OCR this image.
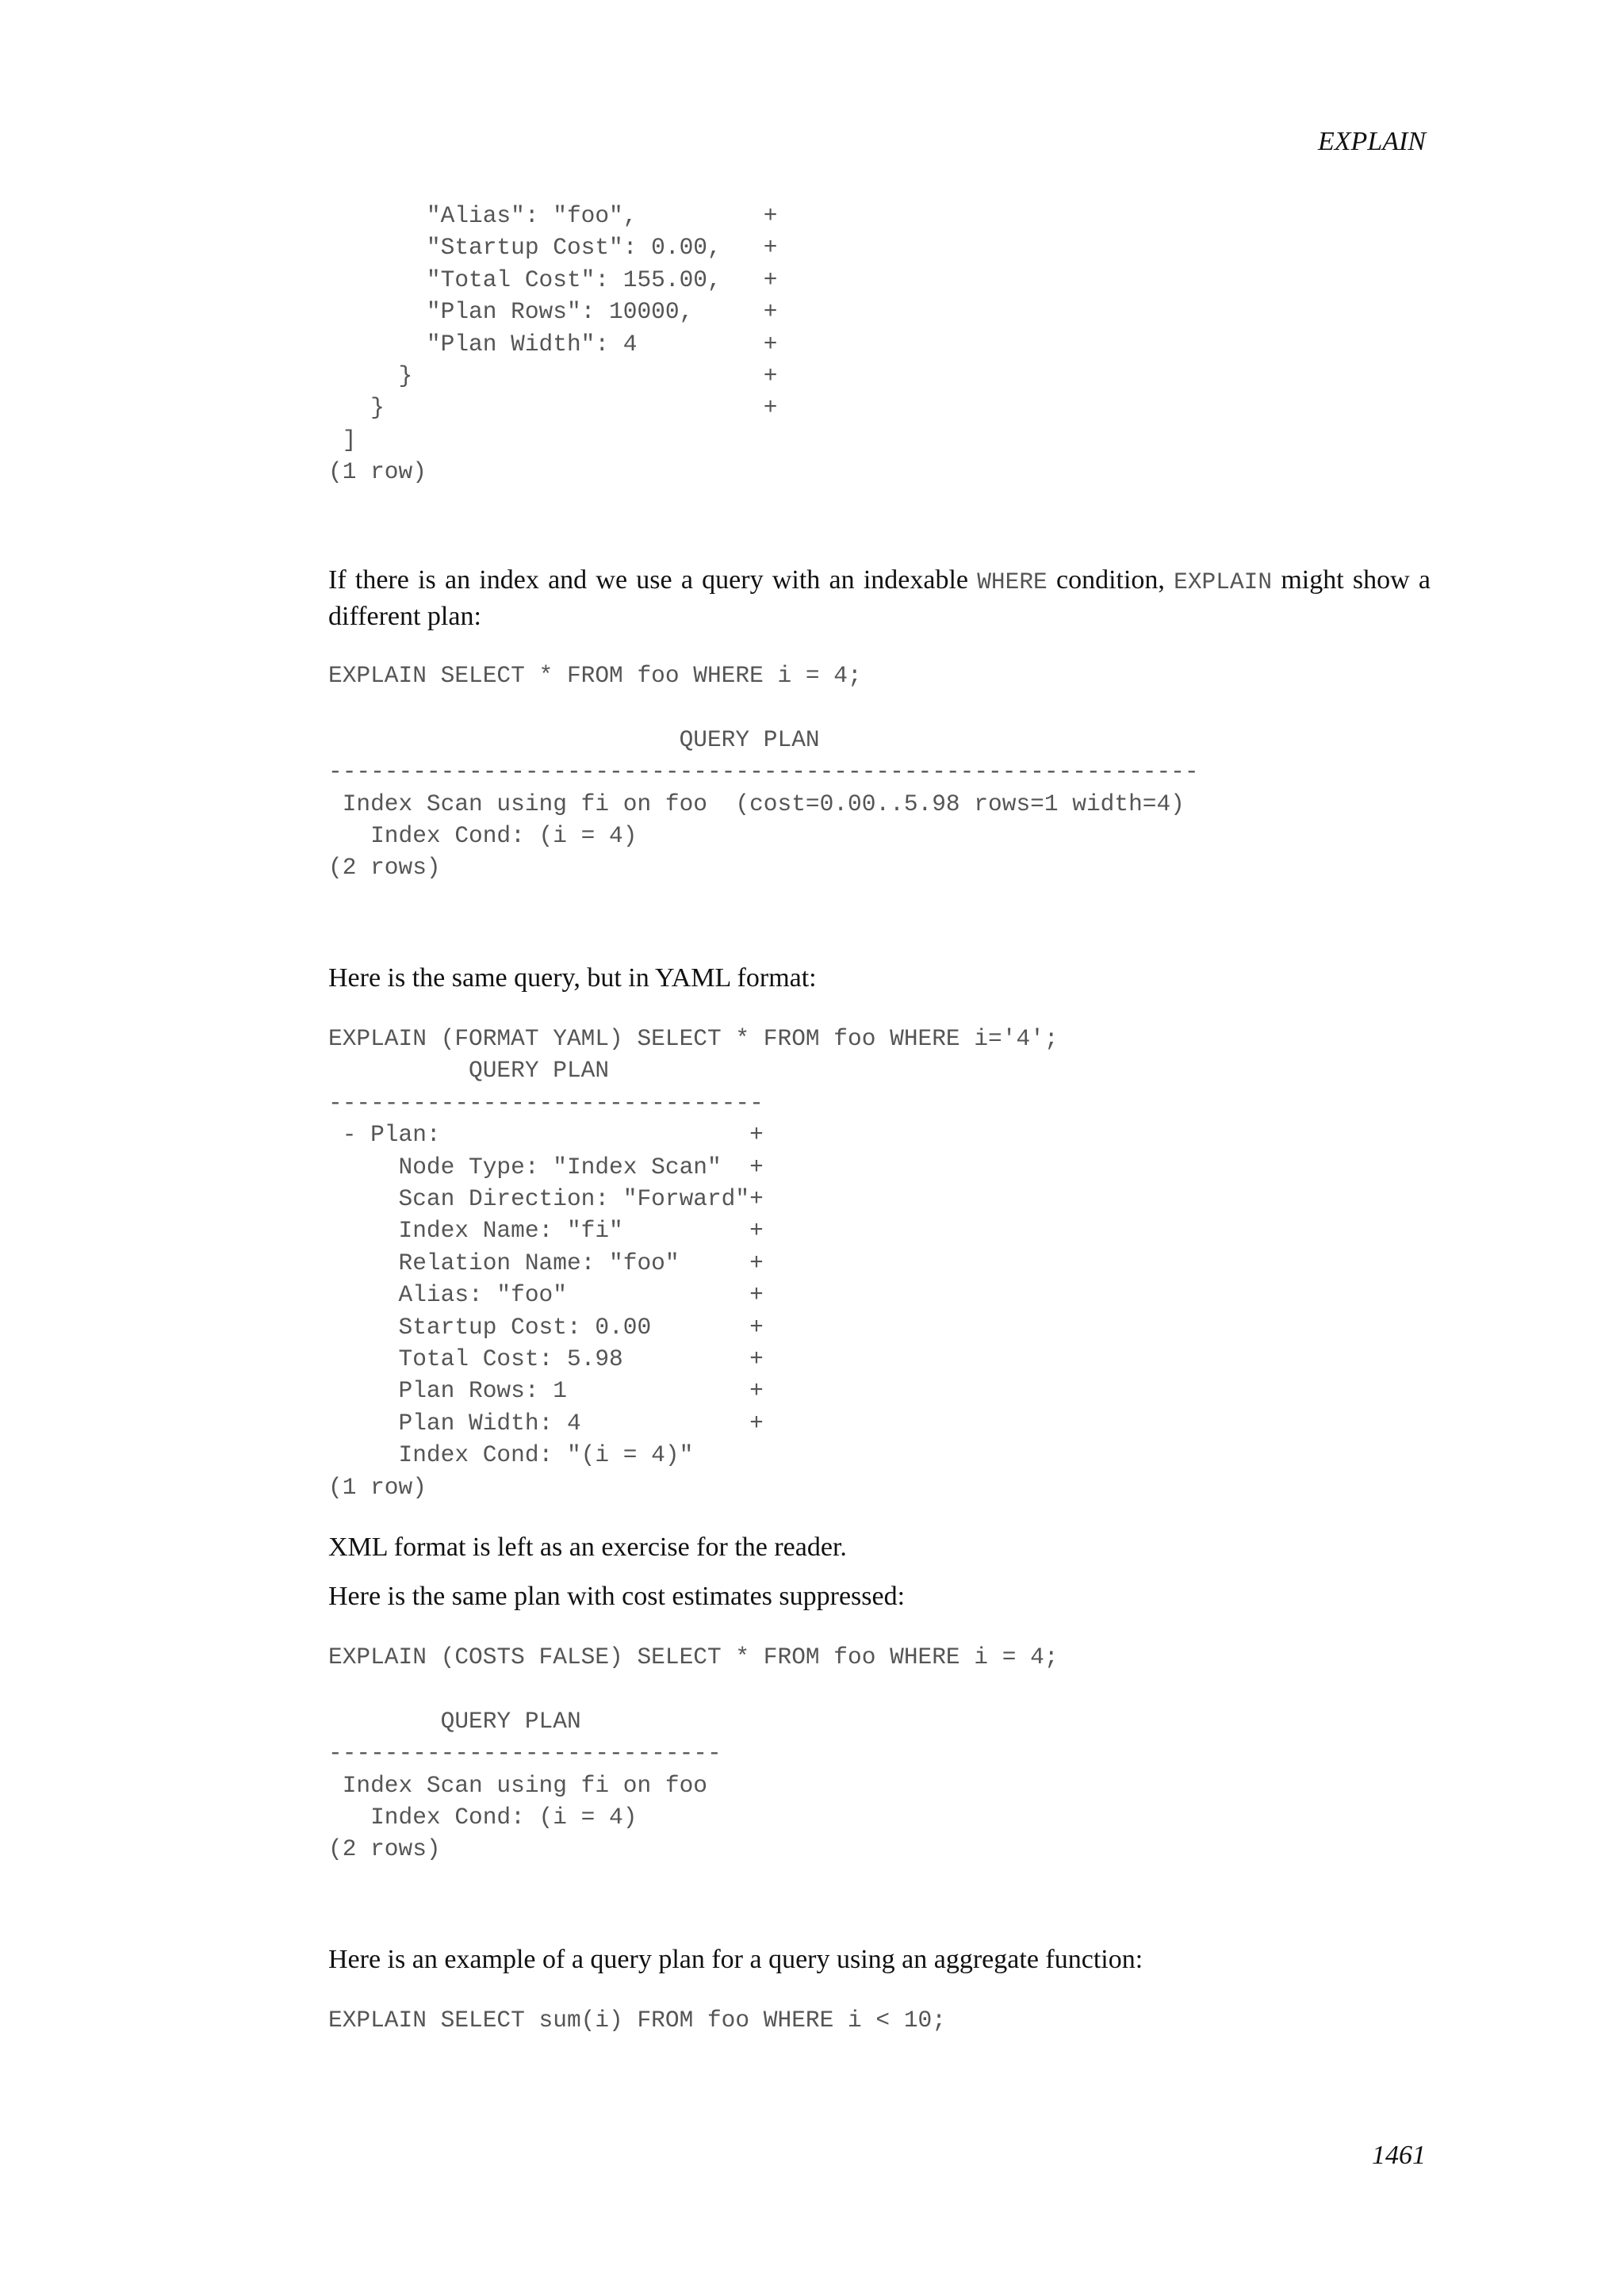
EXPLAIN
"Alias": "foo",         +
"Startup Cost": 0.00,   +
"Total Cost": 155.00,   +
"Plan Rows": 10000,     +
"Plan Width": 4         +
}                         +
}                           +
]
(1 row)

If there is an index and we use a query with an indexable WHERE condition, EXPLAIN might show a different plan:

EXPLAIN SELECT * FROM foo WHERE i = 4;

QUERY PLAN
--------------------------------------------------------------
Index Scan using fi on foo  (cost=0.00..5.98 rows=1 width=4)
Index Cond: (i = 4)
(2 rows)

Here is the same query, but in YAML format:

EXPLAIN (FORMAT YAML) SELECT * FROM foo WHERE i='4';
QUERY PLAN
-------------------------------
- Plan:                      +
Node Type: "Index Scan"  +
Scan Direction: "Forward"+
Index Name: "fi"         +
Relation Name: "foo"     +
Alias: "foo"             +
Startup Cost: 0.00       +
Total Cost: 5.98         +
Plan Rows: 1             +
Plan Width: 4            +
Index Cond: "(i = 4)"
(1 row)

XML format is left as an exercise for the reader.

Here is the same plan with cost estimates suppressed:

EXPLAIN (COSTS FALSE) SELECT * FROM foo WHERE i = 4;

QUERY PLAN
----------------------------
Index Scan using fi on foo
Index Cond: (i = 4)
(2 rows)

Here is an example of a query plan for a query using an aggregate function:

EXPLAIN SELECT sum(i) FROM foo WHERE i < 10;
1461
